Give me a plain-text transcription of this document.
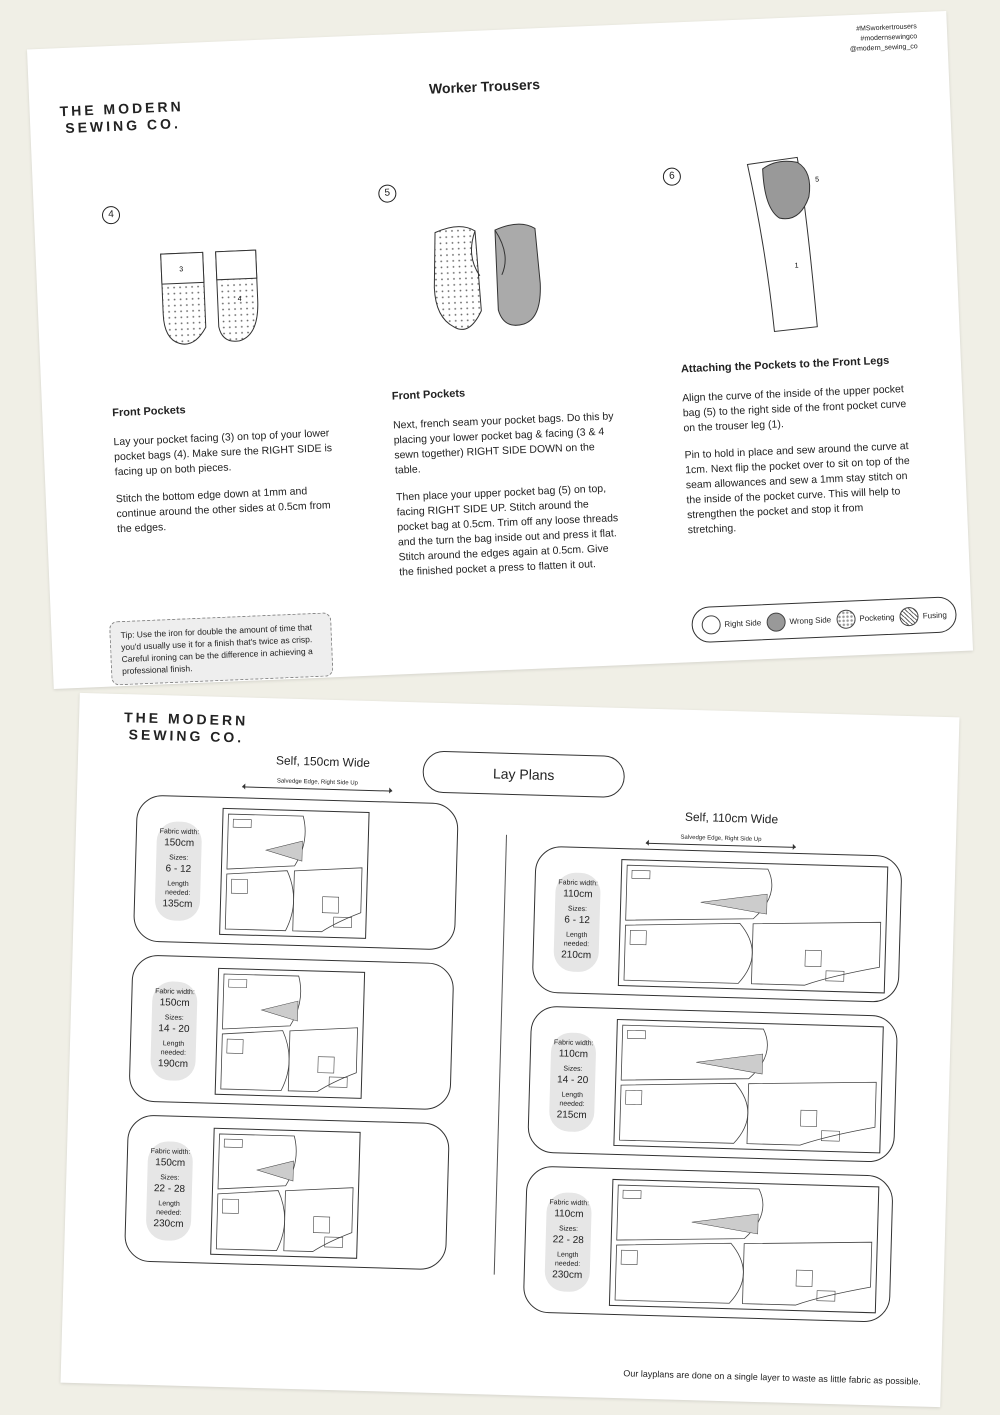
THE MODERN
SEWING CO.
Worker Trousers
#MSworkertrousers
#modernsewingco
@modern_sewing_co
4
3
4
Front Pockets

Lay your pocket facing (3) on top of your lower pocket bags (4). Make sure the RIGHT SIDE is facing up on both pieces.

Stitch the bottom edge down at 1mm and continue around the other sides at 0.5cm from the edges.

5
Front Pockets

Next, french seam your pocket bags. Do this by placing your lower pocket bag & facing (3 & 4 sewn together) RIGHT SIDE DOWN on the table.

Then place your upper pocket bag (5) on top, facing RIGHT SIDE UP. Stitch around the pocket bag at 0.5cm. Trim off any loose threads and the turn the bag inside out and press it flat. Stitch around the edges again at 0.5cm. Give the finished pocket a press to flatten it out.

6
1
5
Attaching the Pockets to the Front Legs

Align the curve of the inside of the upper pocket bag (5) to the right side of the front pocket curve on the trouser leg (1).

Pin to hold in place and sew around the curve at 1cm. Next flip the pocket over to sit on top of the seam allowances and sew a 1mm stay stitch on the inside of the pocket curve. This will help to strengthen the pocket and stop it from stretching.

Tip: Use the iron for double the amount of time that you'd usually use it for a finish that's twice as crisp. Careful ironing can be the difference in achieving a professional finish.
Right Side	Wrong Side	Pocketing	Fusing
THE MODERN
SEWING CO.
Lay Plans
Self, 150cm Wide
Salvedge Edge, Right Side Up
Self, 110cm Wide
Salvedge Edge, Right Side Up
Fabric width:
150cm
Sizes:
6 - 12
Length needed:
135cm
Fabric width:
150cm
Sizes:
14 - 20
Length needed:
190cm
Fabric width:
150cm
Sizes:
22 - 28
Length needed:
230cm
Fabric width:
110cm
Sizes:
6 - 12
Length needed:
210cm
Fabric width:
110cm
Sizes:
14 - 20
Length needed:
215cm
Fabric width:
110cm
Sizes:
22 - 28
Length needed:
230cm
Our layplans are done on a single layer to waste as little fabric as possible.
